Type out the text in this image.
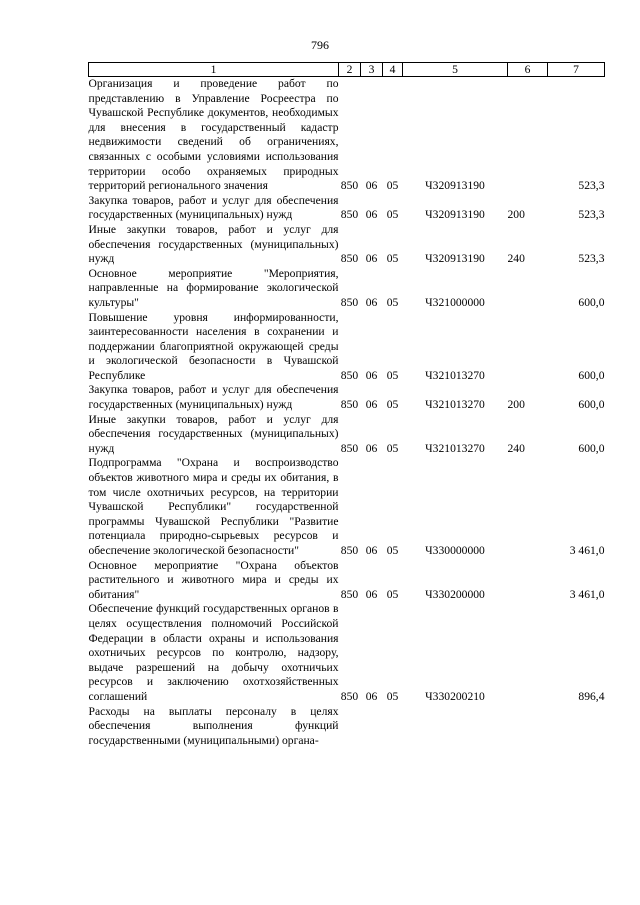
796
1	2	3	4	5	6	7
Организация и проведение работ по представлению в Управление Росреестра по Чувашской Республике документов, необходимых для внесения в государственный кадастр недвижимости сведений об ограничениях, связанных с особыми условиями использования территории особо охраняемых природных территорий регионального значения	850	06	05	Ч320913190		523,3
Закупка товаров, работ и услуг для обеспечения государственных (муниципальных) нужд	850	06	05	Ч320913190	200	523,3
Иные закупки товаров, работ и услуг для обеспечения государственных (муниципальных) нужд	850	06	05	Ч320913190	240	523,3
Основное мероприятие "Мероприятия, направленные на формирование экологической культуры"	850	06	05	Ч321000000		600,0
Повышение уровня информированности, заинтересованности населения в сохранении и поддержании благоприятной окружающей среды и экологической безопасности в Чувашской Республике	850	06	05	Ч321013270		600,0
Закупка товаров, работ и услуг для обеспечения государственных (муниципальных) нужд	850	06	05	Ч321013270	200	600,0
Иные закупки товаров, работ и услуг для обеспечения государственных (муниципальных) нужд	850	06	05	Ч321013270	240	600,0
Подпрограмма "Охрана и воспроизводство объектов животного мира и среды их обитания, в том числе охотничьих ресурсов, на территории Чувашской Республики" государственной программы Чувашской Республики "Развитие потенциала природно-сырьевых ресурсов и обеспечение экологической безопасности"	850	06	05	Ч330000000		3 461,0
Основное мероприятие "Охрана объектов растительного и животного мира и среды их обитания"	850	06	05	Ч330200000		3 461,0
Обеспечение функций государственных органов в целях осуществления полномочий Российской Федерации в области охраны и использования охотничьих ресурсов по контролю, надзору, выдаче разрешений на добычу охотничьих ресурсов и заключению охотхозяйственных соглашений	850	06	05	Ч330200210		896,4
Расходы на выплаты персоналу в целях обеспечения выполнения функций государственными (муниципальными) органа-						
